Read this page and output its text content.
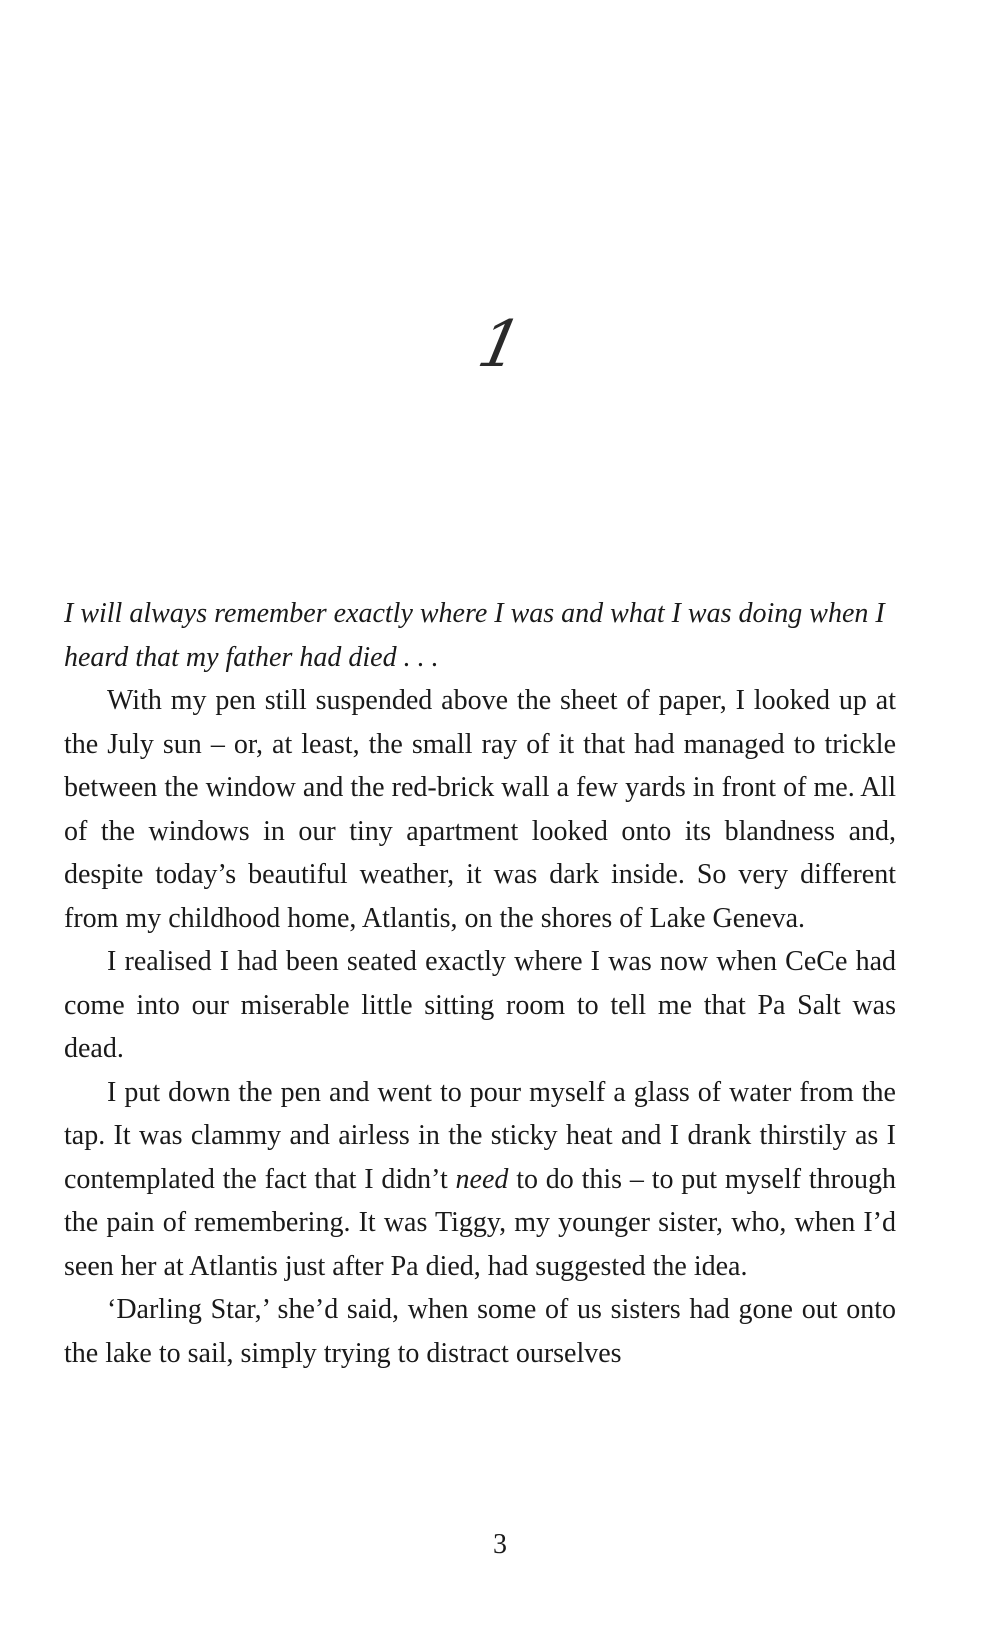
1

I will always remember exactly where I was and what I was doing when I heard that my father had died . . .

With my pen still suspended above the sheet of paper, I looked up at the July sun – or, at least, the small ray of it that had managed to trickle between the window and the red-brick wall a few yards in front of me. All of the windows in our tiny apartment looked onto its blandness and, despite today’s beautiful weather, it was dark inside. So very different from my childhood home, Atlantis, on the shores of Lake Geneva.

I realised I had been seated exactly where I was now when CeCe had come into our miserable little sitting room to tell me that Pa Salt was dead.

I put down the pen and went to pour myself a glass of water from the tap. It was clammy and airless in the sticky heat and I drank thirstily as I contemplated the fact that I didn’t need to do this – to put myself through the pain of remembering. It was Tiggy, my younger sister, who, when I’d seen her at Atlantis just after Pa died, had suggested the idea.

‘Darling Star,’ she’d said, when some of us sisters had gone out onto the lake to sail, simply trying to distract ourselves

3
